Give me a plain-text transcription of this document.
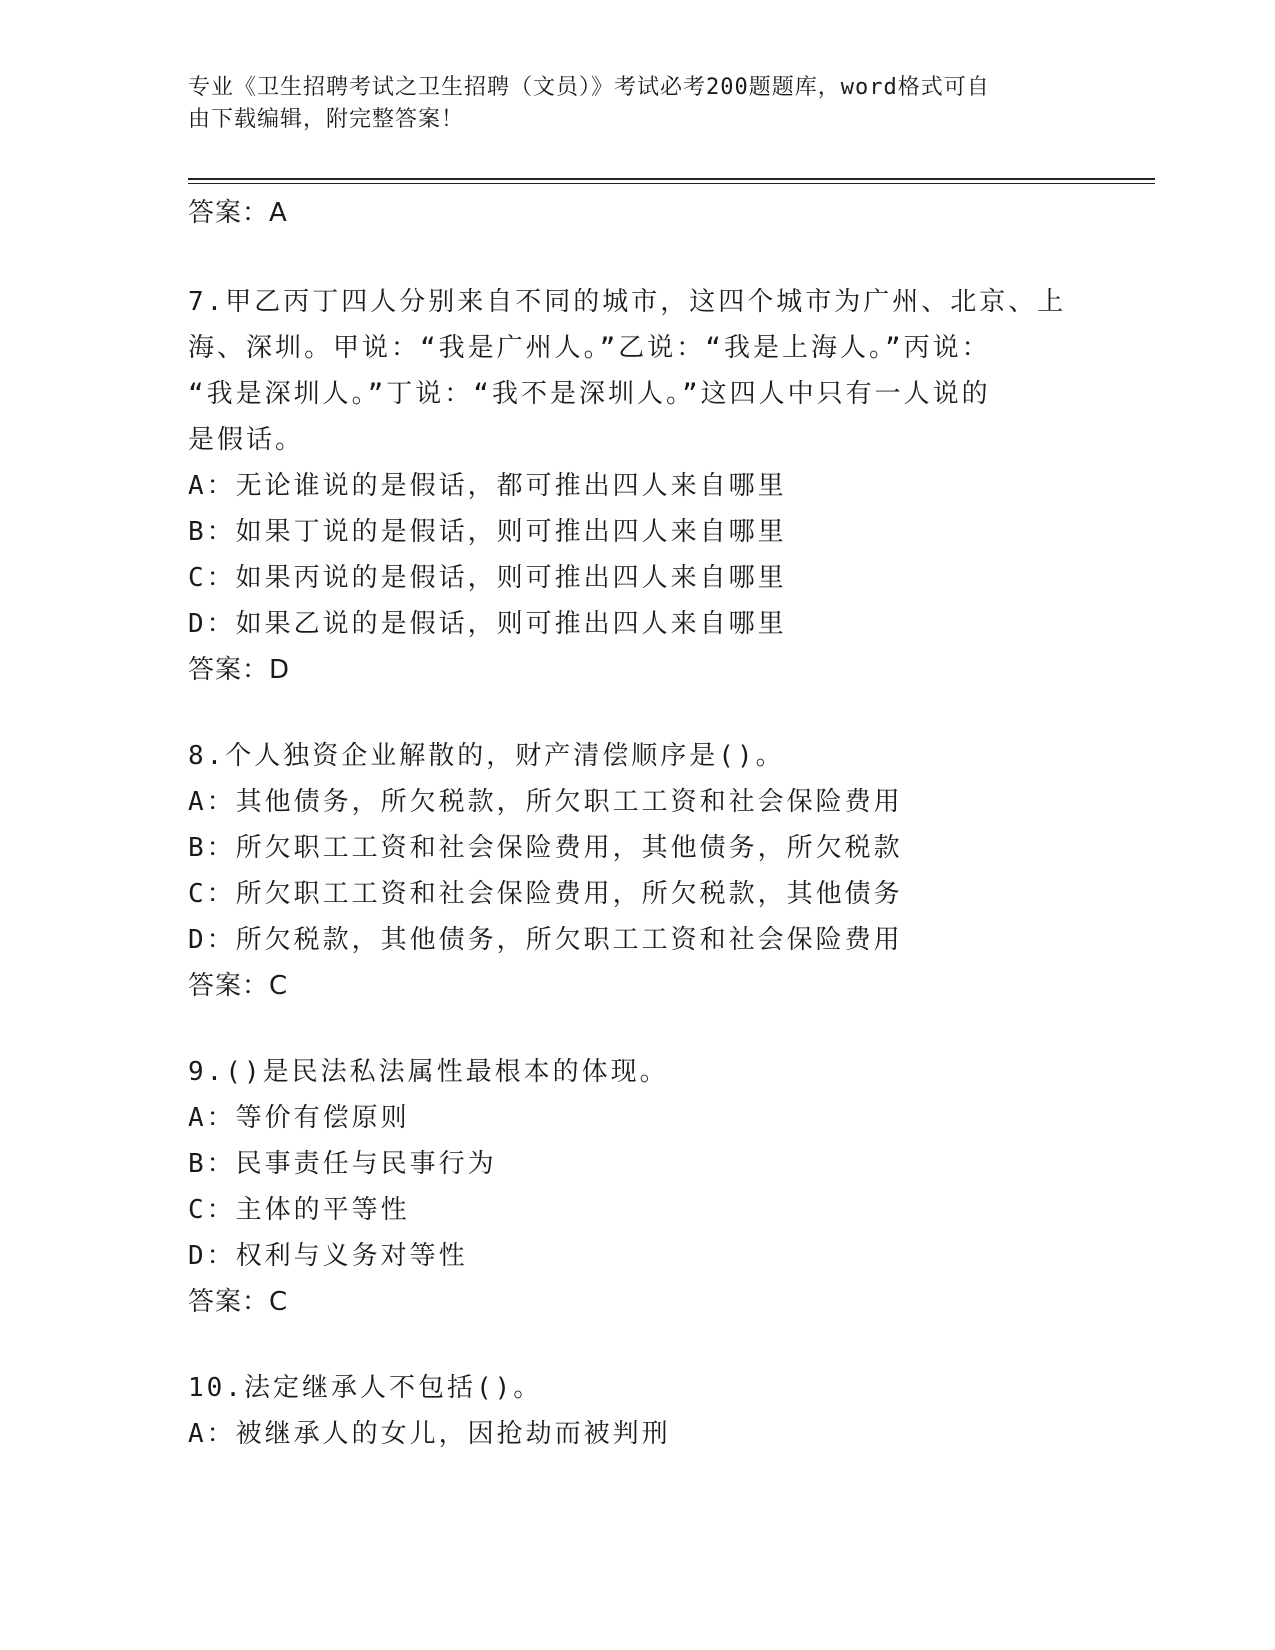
专业《卫生招聘考试之卫生招聘（文员）》考试必考200题题库，word格式可自
由下载编辑，附完整答案！
答案：A
7.甲乙丙丁四人分别来自不同的城市，这四个城市为广州、北京、上
海、深圳。甲说：“我是广州人。”乙说：“我是上海人。”丙说：
“我是深圳人。”丁说：“我不是深圳人。”这四人中只有一人说的
是假话。
A：无论谁说的是假话，都可推出四人来自哪里
B：如果丁说的是假话，则可推出四人来自哪里
C：如果丙说的是假话，则可推出四人来自哪里
D：如果乙说的是假话，则可推出四人来自哪里
答案：D
8.个人独资企业解散的，财产清偿顺序是()。
A：其他债务，所欠税款，所欠职工工资和社会保险费用
B：所欠职工工资和社会保险费用，其他债务，所欠税款
C：所欠职工工资和社会保险费用，所欠税款，其他债务
D：所欠税款，其他债务，所欠职工工资和社会保险费用
答案：C
9.()是民法私法属性最根本的体现。
A：等价有偿原则
B：民事责任与民事行为
C：主体的平等性
D：权利与义务对等性
答案：C
10.法定继承人不包括()。
A：被继承人的女儿，因抢劫而被判刑
